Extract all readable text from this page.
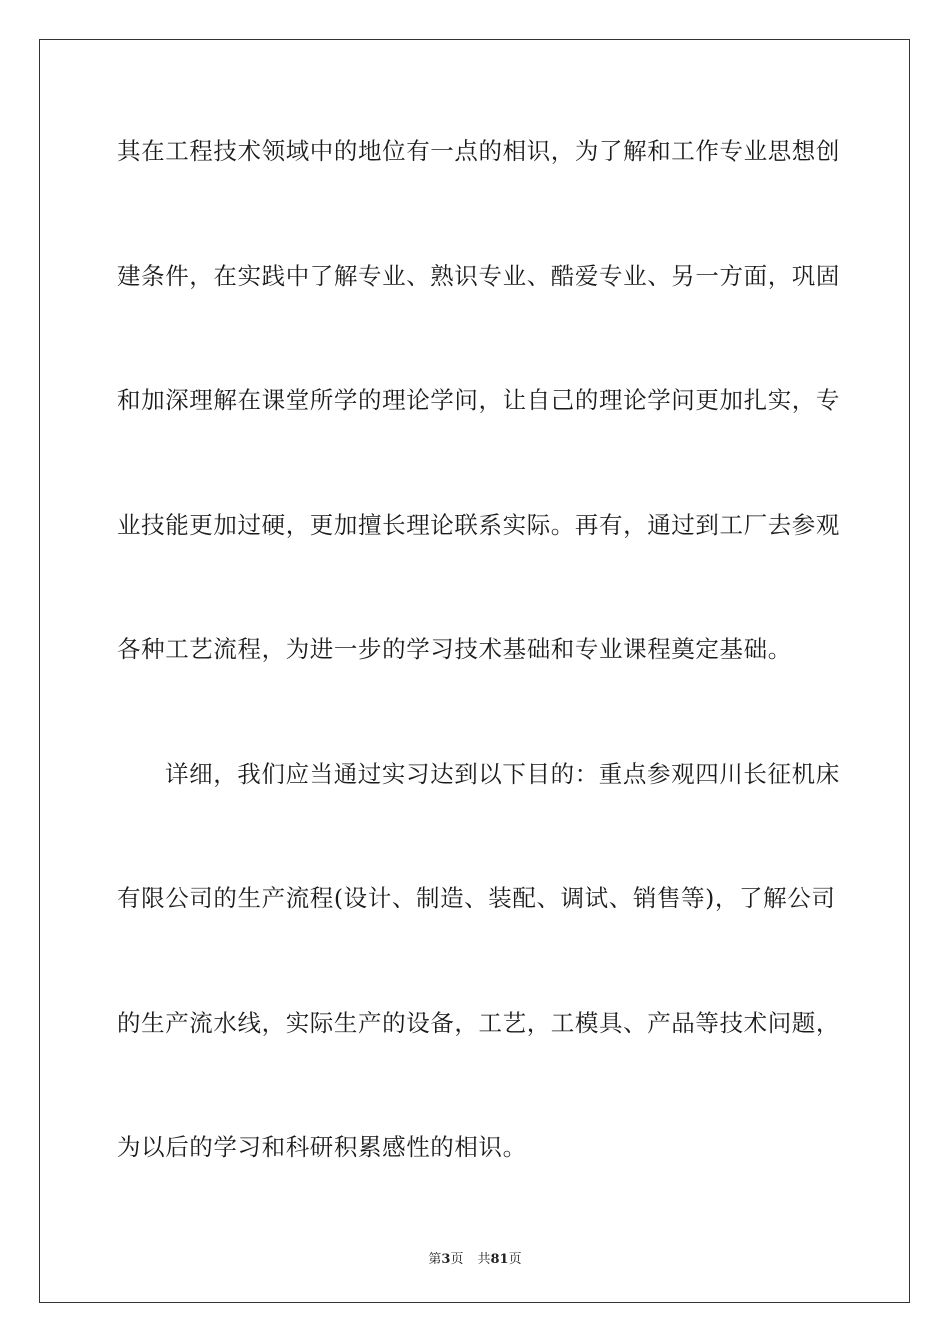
其在工程技术领域中的地位有一点的相识，为了解和工作专业思想创
建条件，在实践中了解专业、熟识专业、酷爱专业、另一方面，巩固
和加深理解在课堂所学的理论学问，让自己的理论学问更加扎实，专
业技能更加过硬，更加擅长理论联系实际。再有，通过到工厂去参观
各种工艺流程，为进一步的学习技术基础和专业课程奠定基础。
详细，我们应当通过实习达到以下目的：重点参观四川长征机床
有限公司的生产流程(设计、制造、装配、调试、销售等)，了解公司
的生产流水线，实际生产的设备，工艺，工模具、产品等技术问题，
为以后的学习和科研积累感性的相识。
第3页 共81页
